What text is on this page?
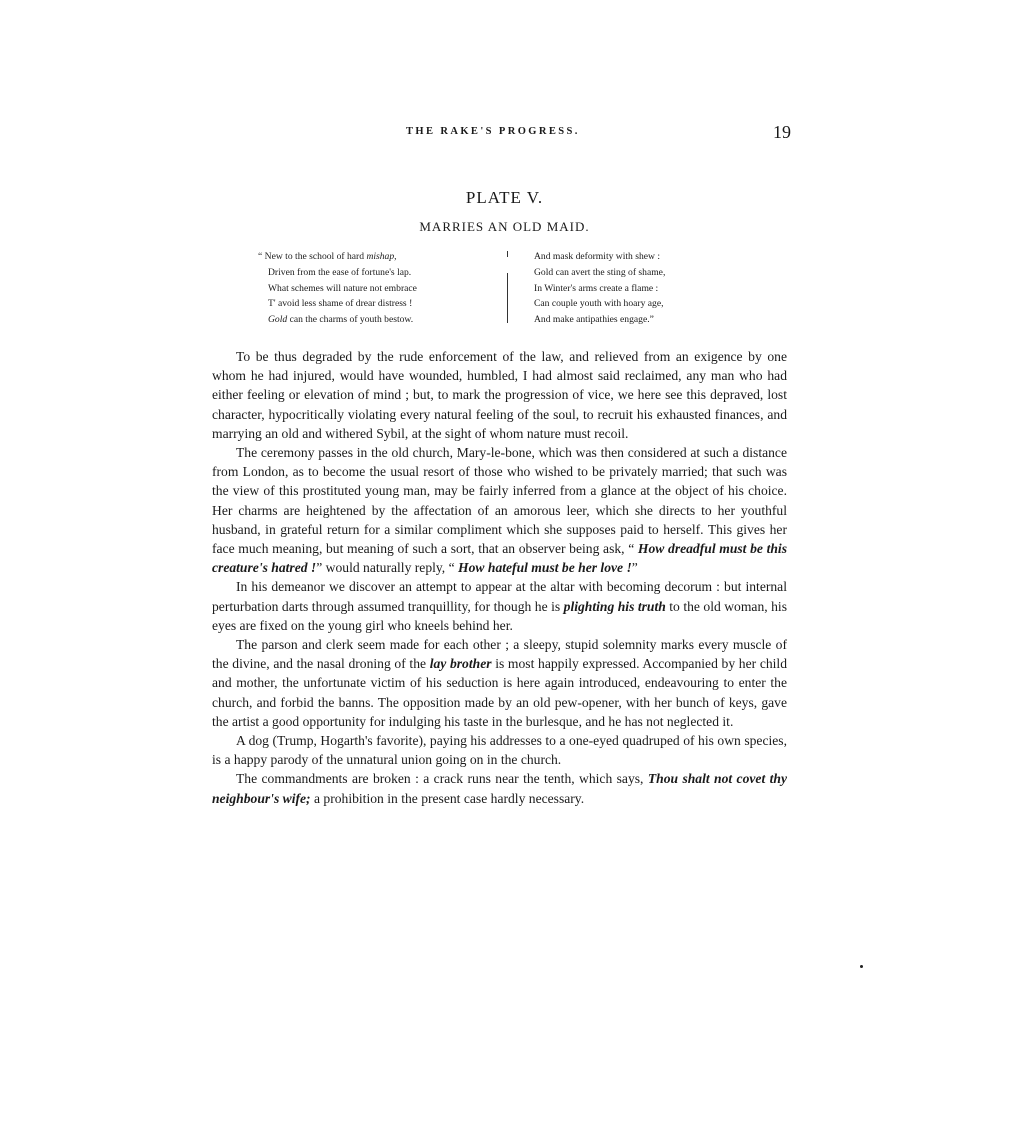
THE RAKE'S PROGRESS.	19
PLATE V.
MARRIES AN OLD MAID.
“ New to the school of hard mishap,
Driven from the ease of fortune's lap.
What schemes will nature not embrace
T' avoid less shame of drear distress !
Gold can the charms of youth bestow.
And mask deformity with shew :
Gold can avert the sting of shame,
In Winter's arms create a flame :
Can couple youth with hoary age,
And make antipathies engage.”

To be thus degraded by the rude enforcement of the law, and relieved from an exigence by one whom he had injured, would have wounded, humbled, I had almost said reclaimed, any man who had either feeling or elevation of mind ; but, to mark the progression of vice, we here see this depraved, lost character, hypocritically violating every natural feeling of the soul, to recruit his exhausted finances, and marrying an old and withered Sybil, at the sight of whom nature must recoil.

The ceremony passes in the old church, Mary-le-bone, which was then considered at such a distance from London, as to become the usual resort of those who wished to be privately married; that such was the view of this prostituted young man, may be fairly inferred from a glance at the object of his choice. Her charms are heightened by the affectation of an amorous leer, which she directs to her youthful husband, in grateful return for a similar compliment which she supposes paid to herself. This gives her face much meaning, but meaning of such a sort, that an observer being ask, “ How dreadful must be this creature's hatred !” would naturally reply, “ How hateful must be her love !”

In his demeanor we discover an attempt to appear at the altar with becoming decorum : but internal perturbation darts through assumed tranquillity, for though he is plighting his truth to the old woman, his eyes are fixed on the young girl who kneels behind her.

The parson and clerk seem made for each other ; a sleepy, stupid solemnity marks every muscle of the divine, and the nasal droning of the lay brother is most happily expressed. Accompanied by her child and mother, the unfortunate victim of his seduction is here again introduced, endeavouring to enter the church, and forbid the banns. The opposition made by an old pew-opener, with her bunch of keys, gave the artist a good opportunity for indulging his taste in the burlesque, and he has not neglected it.

A dog (Trump, Hogarth's favorite), paying his addresses to a one-eyed quadruped of his own species, is a happy parody of the unnatural union going on in the church.

The commandments are broken : a crack runs near the tenth, which says, Thou shalt not covet thy neighbour's wife; a prohibition in the present case hardly necessary.
